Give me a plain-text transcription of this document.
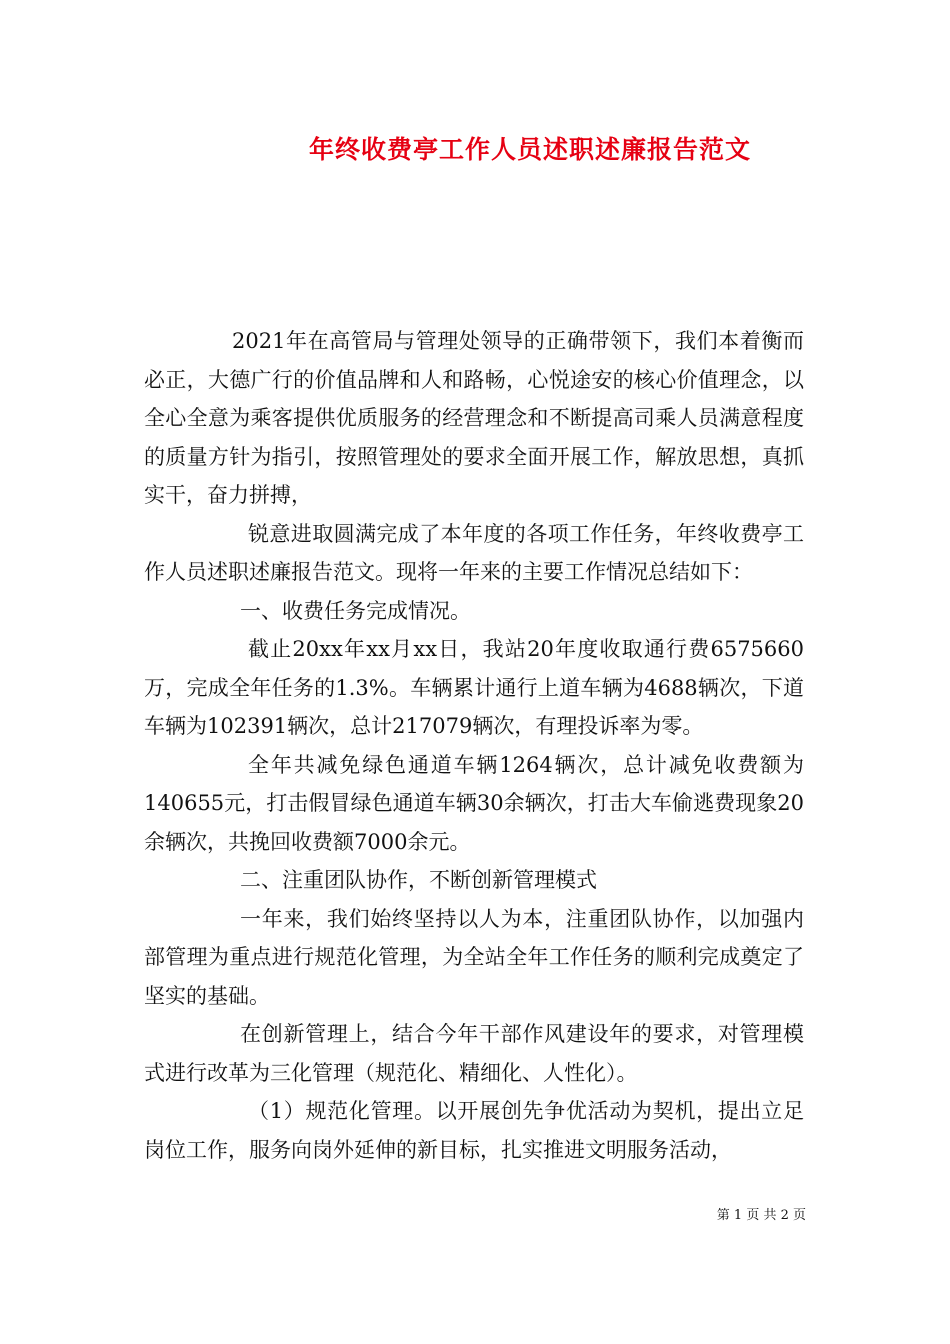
年终收费亭工作人员述职述廉报告范文

2021年在高管局与管理处领导的正确带领下，我们本着衡而必正，大德广行的价值品牌和人和路畅，心悦途安的核心价值理念，以全心全意为乘客提供优质服务的经营理念和不断提高司乘人员满意程度的质量方针为指引，按照管理处的要求全面开展工作，解放思想，真抓实干，奋力拼搏，

锐意进取圆满完成了本年度的各项工作任务，年终收费亭工作人员述职述廉报告范文。现将一年来的主要工作情况总结如下：

一、收费任务完成情况。

截止20xx年xx月xx日，我站20年度收取通行费6575660万，完成全年任务的1.3%。车辆累计通行上道车辆为4688辆次，下道车辆为102391辆次，总计217079辆次，有理投诉率为零。

全年共减免绿色通道车辆1264辆次，总计减免收费额为140655元，打击假冒绿色通道车辆30余辆次，打击大车偷逃费现象20余辆次，共挽回收费额7000余元。

二、注重团队协作，不断创新管理模式

一年来，我们始终坚持以人为本，注重团队协作，以加强内部管理为重点进行规范化管理，为全站全年工作任务的顺利完成奠定了坚实的基础。

在创新管理上，结合今年干部作风建设年的要求，对管理模式进行改革为三化管理（规范化、精细化、人性化）。

（1）规范化管理。以开展创先争优活动为契机，提出立足岗位工作，服务向岗外延伸的新目标，扎实推进文明服务活动，

第 1 页 共 2 页
